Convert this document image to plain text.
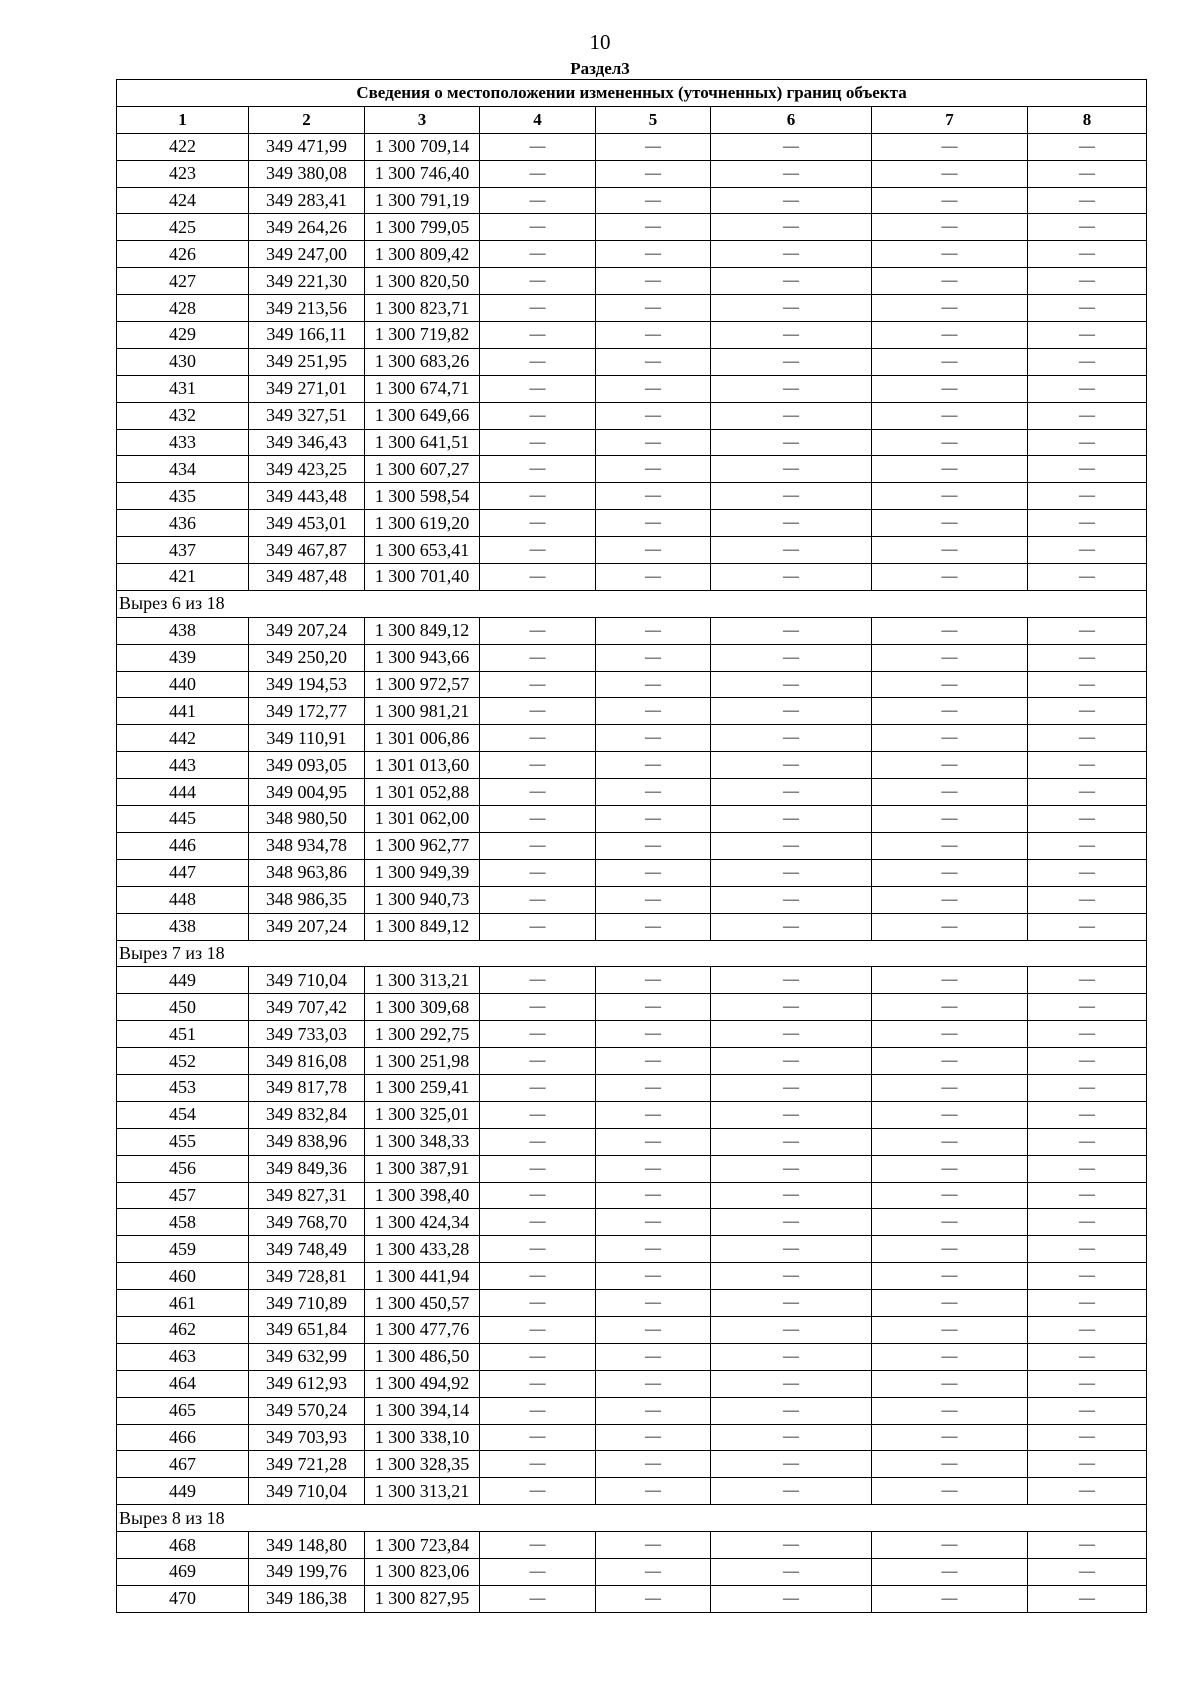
10
Раздел3
Сведения о местоположении измененных (уточненных) границ объекта							
1	2	3	4	5	6	7	8
422	349 471,99	1 300 709,14	—	—	—	—	—
423	349 380,08	1 300 746,40	—	—	—	—	—
424	349 283,41	1 300 791,19	—	—	—	—	—
425	349 264,26	1 300 799,05	—	—	—	—	—
426	349 247,00	1 300 809,42	—	—	—	—	—
427	349 221,30	1 300 820,50	—	—	—	—	—
428	349 213,56	1 300 823,71	—	—	—	—	—
429	349 166,11	1 300 719,82	—	—	—	—	—
430	349 251,95	1 300 683,26	—	—	—	—	—
431	349 271,01	1 300 674,71	—	—	—	—	—
432	349 327,51	1 300 649,66	—	—	—	—	—
433	349 346,43	1 300 641,51	—	—	—	—	—
434	349 423,25	1 300 607,27	—	—	—	—	—
435	349 443,48	1 300 598,54	—	—	—	—	—
436	349 453,01	1 300 619,20	—	—	—	—	—
437	349 467,87	1 300 653,41	—	—	—	—	—
421	349 487,48	1 300 701,40	—	—	—	—	—
Вырез 6 из 18							
438	349 207,24	1 300 849,12	—	—	—	—	—
439	349 250,20	1 300 943,66	—	—	—	—	—
440	349 194,53	1 300 972,57	—	—	—	—	—
441	349 172,77	1 300 981,21	—	—	—	—	—
442	349 110,91	1 301 006,86	—	—	—	—	—
443	349 093,05	1 301 013,60	—	—	—	—	—
444	349 004,95	1 301 052,88	—	—	—	—	—
445	348 980,50	1 301 062,00	—	—	—	—	—
446	348 934,78	1 300 962,77	—	—	—	—	—
447	348 963,86	1 300 949,39	—	—	—	—	—
448	348 986,35	1 300 940,73	—	—	—	—	—
438	349 207,24	1 300 849,12	—	—	—	—	—
Вырез 7 из 18							
449	349 710,04	1 300 313,21	—	—	—	—	—
450	349 707,42	1 300 309,68	—	—	—	—	—
451	349 733,03	1 300 292,75	—	—	—	—	—
452	349 816,08	1 300 251,98	—	—	—	—	—
453	349 817,78	1 300 259,41	—	—	—	—	—
454	349 832,84	1 300 325,01	—	—	—	—	—
455	349 838,96	1 300 348,33	—	—	—	—	—
456	349 849,36	1 300 387,91	—	—	—	—	—
457	349 827,31	1 300 398,40	—	—	—	—	—
458	349 768,70	1 300 424,34	—	—	—	—	—
459	349 748,49	1 300 433,28	—	—	—	—	—
460	349 728,81	1 300 441,94	—	—	—	—	—
461	349 710,89	1 300 450,57	—	—	—	—	—
462	349 651,84	1 300 477,76	—	—	—	—	—
463	349 632,99	1 300 486,50	—	—	—	—	—
464	349 612,93	1 300 494,92	—	—	—	—	—
465	349 570,24	1 300 394,14	—	—	—	—	—
466	349 703,93	1 300 338,10	—	—	—	—	—
467	349 721,28	1 300 328,35	—	—	—	—	—
449	349 710,04	1 300 313,21	—	—	—	—	—
Вырез 8 из 18							
468	349 148,80	1 300 723,84	—	—	—	—	—
469	349 199,76	1 300 823,06	—	—	—	—	—
470	349 186,38	1 300 827,95	—	—	—	—	—
